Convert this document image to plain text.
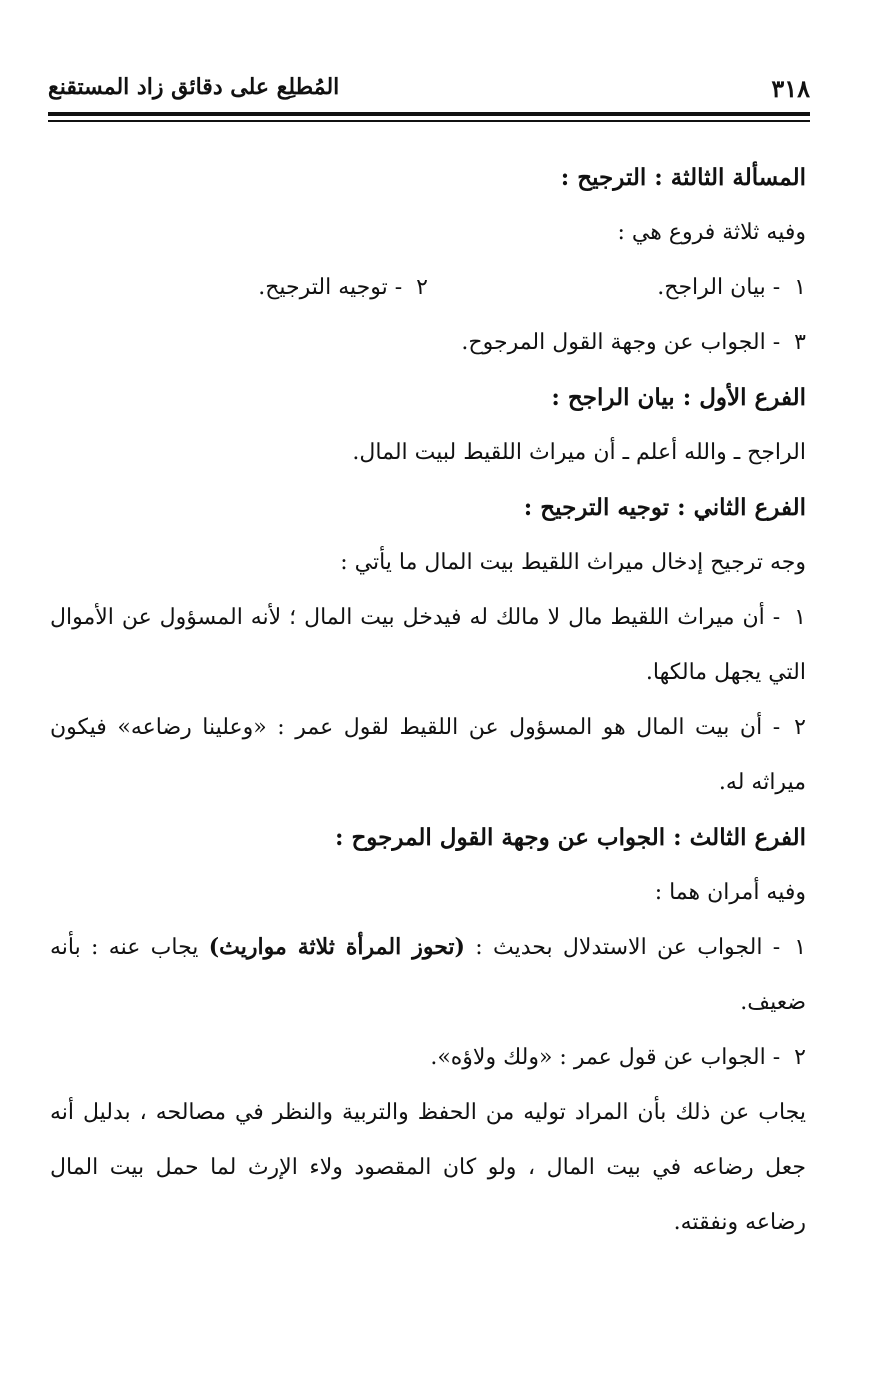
٣١٨
المُطلِع على دقائق زاد المستقنع

المسألة الثالثة : الترجيح :

وفيه ثلاثة فروع هي :

١- بيان الراجح.
٢- توجيه الترجيح.

٣- الجواب عن وجهة القول المرجوح.

الفرع الأول : بيان الراجح :

الراجح ـ والله أعلم ـ أن ميراث اللقيط لبيت المال.

الفرع الثاني : توجيه الترجيح :

وجه ترجيح إدخال ميراث اللقيط بيت المال ما يأتي :

١- أن ميراث اللقيط مال لا مالك له فيدخل بيت المال ؛ لأنه المسؤول عن الأموال التي يجهل مالكها.

٢- أن بيت المال هو المسؤول عن اللقيط لقول عمر : «وعلينا رضاعه» فيكون ميراثه له.

الفرع الثالث : الجواب عن وجهة القول المرجوح :

وفيه أمران هما :

١- الجواب عن الاستدلال بحديث : (تحوز المرأة ثلاثة مواريث) يجاب عنه : بأنه ضعيف.

٢- الجواب عن قول عمر : «ولك ولاؤه».

يجاب عن ذلك بأن المراد توليه من الحفظ والتربية والنظر في مصالحه ، بدليل أنه جعل رضاعه في بيت المال ، ولو كان المقصود ولاء الإرث لما حمل بيت المال رضاعه ونفقته.
